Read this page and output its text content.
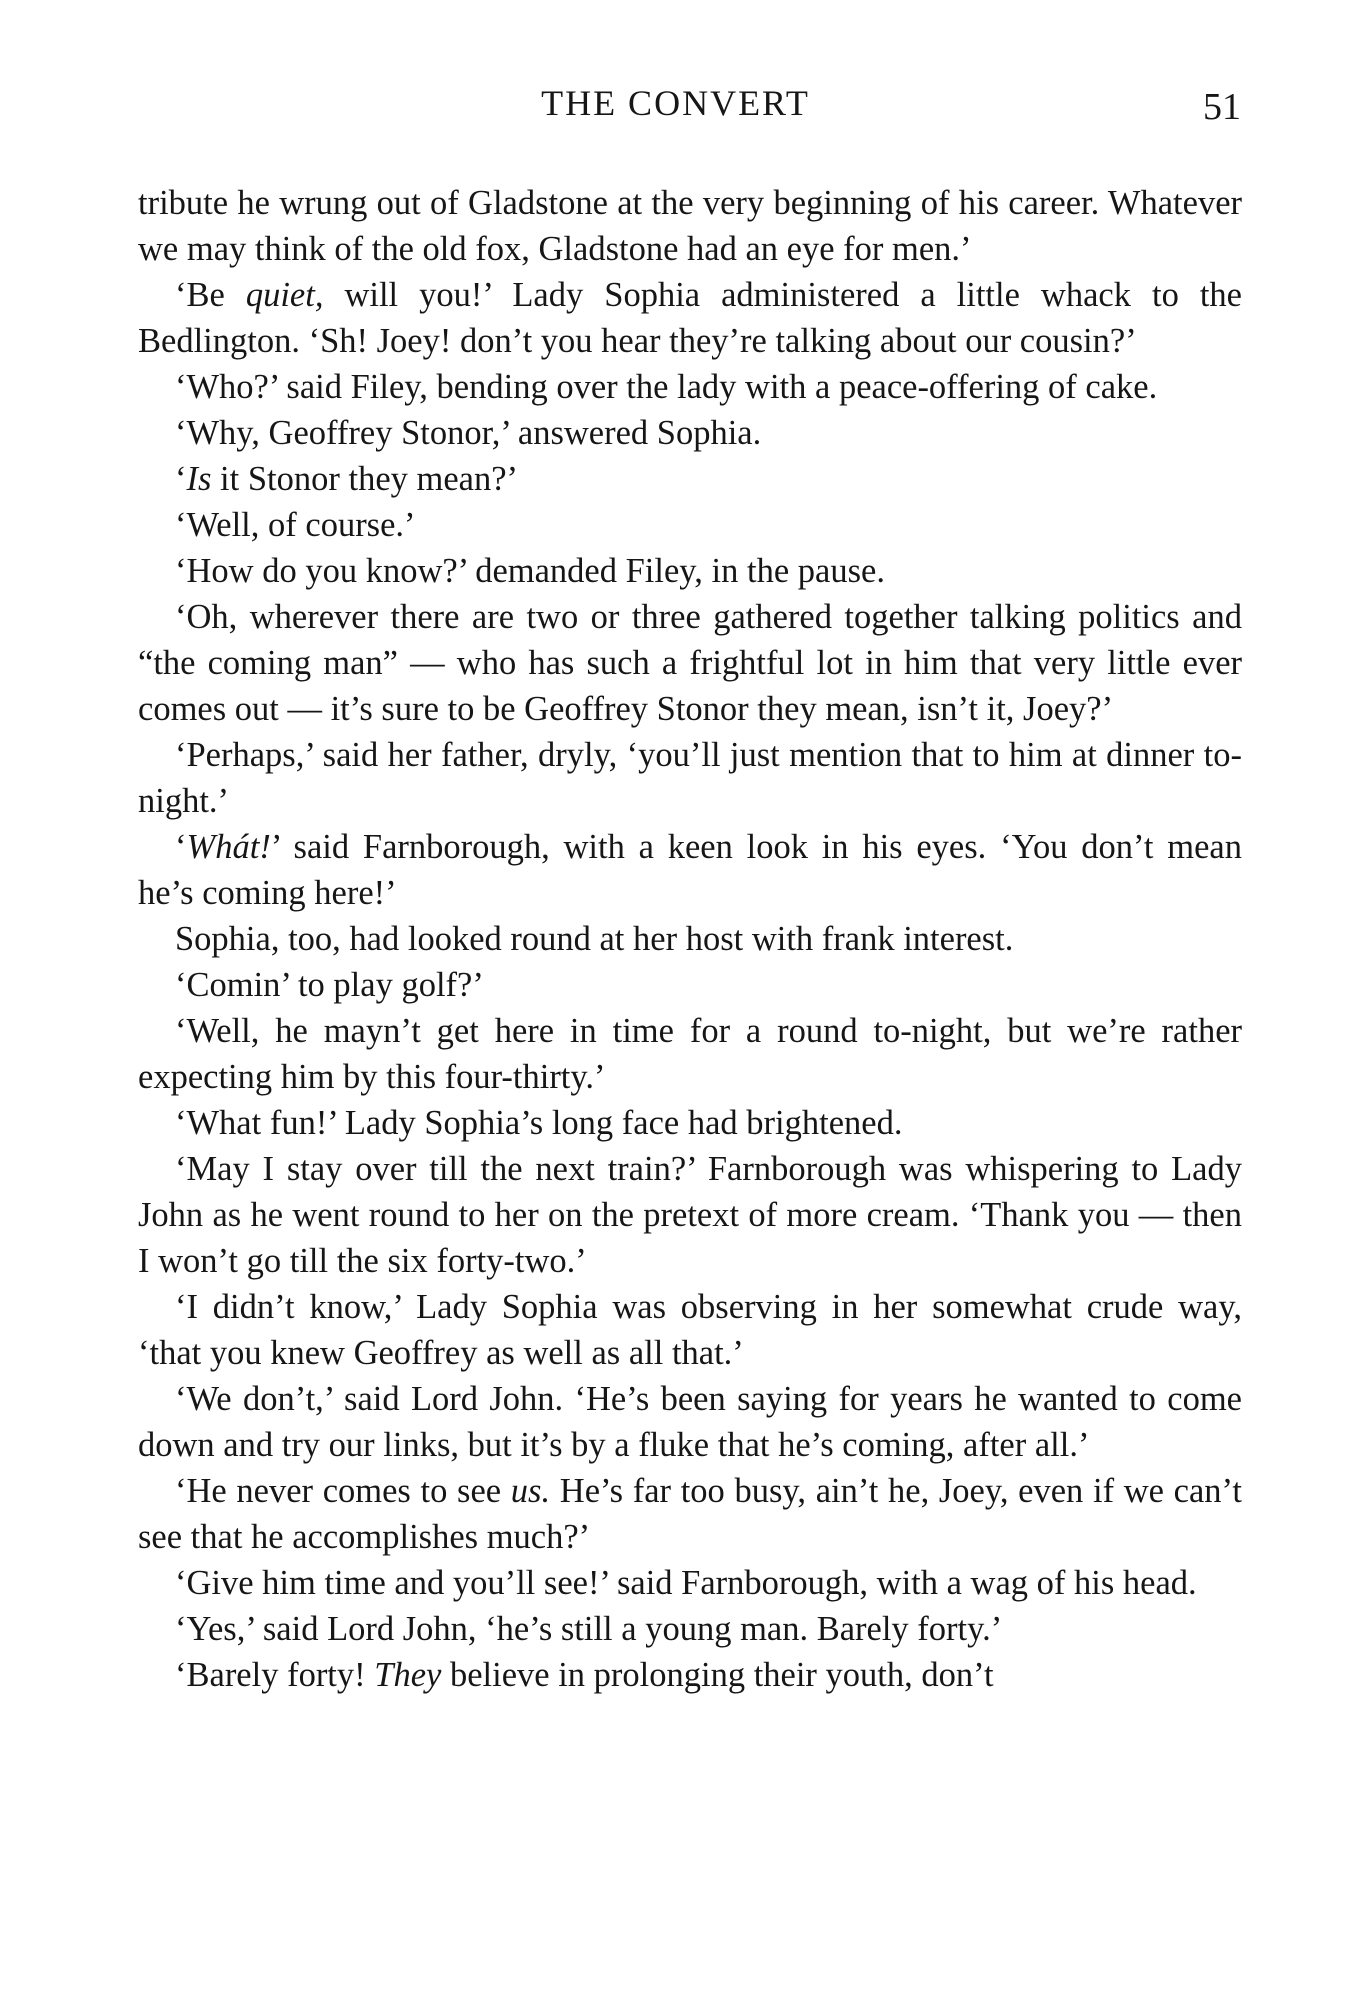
THE CONVERT	51

tribute he wrung out of Gladstone at the very beginning of his career. Whatever we may think of the old fox, Gladstone had an eye for men.’

‘Be quiet, will you!’ Lady Sophia administered a little whack to the Bedlington. ‘Sh! Joey! don’t you hear they’re talking about our cousin?’

‘Who?’ said Filey, bending over the lady with a peace-offering of cake.

‘Why, Geoffrey Stonor,’ answered Sophia.

‘Is it Stonor they mean?’

‘Well, of course.’

‘How do you know?’ demanded Filey, in the pause.

‘Oh, wherever there are two or three gathered together talking politics and “the coming man” — who has such a frightful lot in him that very little ever comes out — it’s sure to be Geoffrey Stonor they mean, isn’t it, Joey?’

‘Perhaps,’ said her father, dryly, ‘you’ll just mention that to him at dinner to-night.’

‘Whát!’ said Farnborough, with a keen look in his eyes. ‘You don’t mean he’s coming here!’

Sophia, too, had looked round at her host with frank interest.

‘Comin’ to play golf?’

‘Well, he mayn’t get here in time for a round to-night, but we’re rather expecting him by this four-thirty.’

‘What fun!’ Lady Sophia’s long face had brightened.

‘May I stay over till the next train?’ Farnborough was whispering to Lady John as he went round to her on the pretext of more cream. ‘Thank you — then I won’t go till the six forty-two.’

‘I didn’t know,’ Lady Sophia was observing in her somewhat crude way, ‘that you knew Geoffrey as well as all that.’

‘We don’t,’ said Lord John. ‘He’s been saying for years he wanted to come down and try our links, but it’s by a fluke that he’s coming, after all.’

‘He never comes to see us. He’s far too busy, ain’t he, Joey, even if we can’t see that he accomplishes much?’

‘Give him time and you’ll see!’ said Farnborough, with a wag of his head.

‘Yes,’ said Lord John, ‘he’s still a young man. Barely forty.’

‘Barely forty! They believe in prolonging their youth, don’t
